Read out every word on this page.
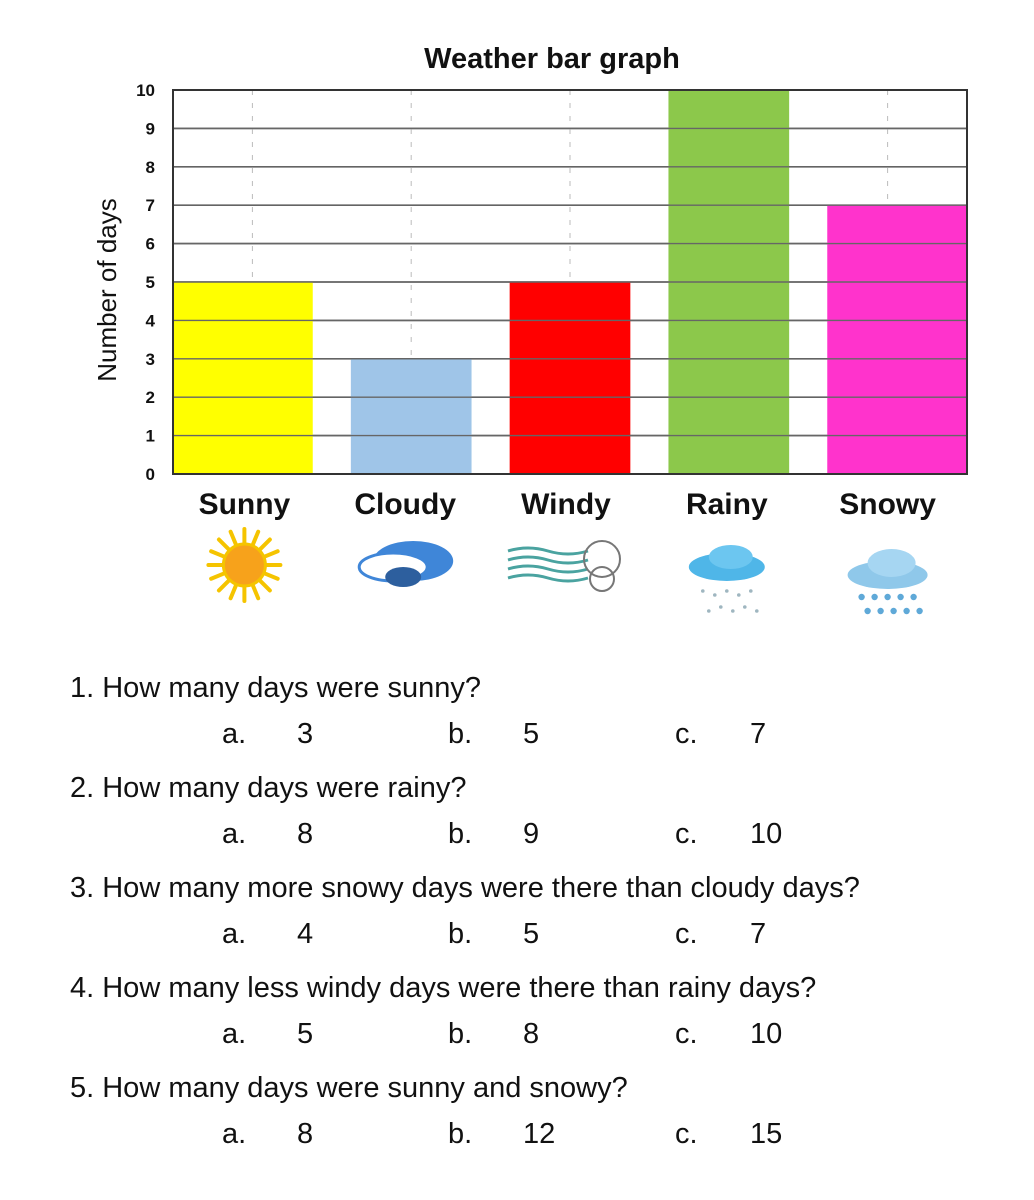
Weather bar graph
0
1
2
3
4
5
6
7
8
9
10
Number of days
Sunny Cloudy Windy	Rainy Snowy

1. How many days were sunny?

a. 3	b. 5	c. 7

2. How many days were rainy?

a. 8	b. 9	c. 10

3. How many more snowy days were there than cloudy days?

a. 4	b. 5	c. 7

4. How many less windy days were there than rainy days?

a. 5	b. 8	c. 10

5. How many days were sunny and snowy?

a. 8	b. 12	c. 15
